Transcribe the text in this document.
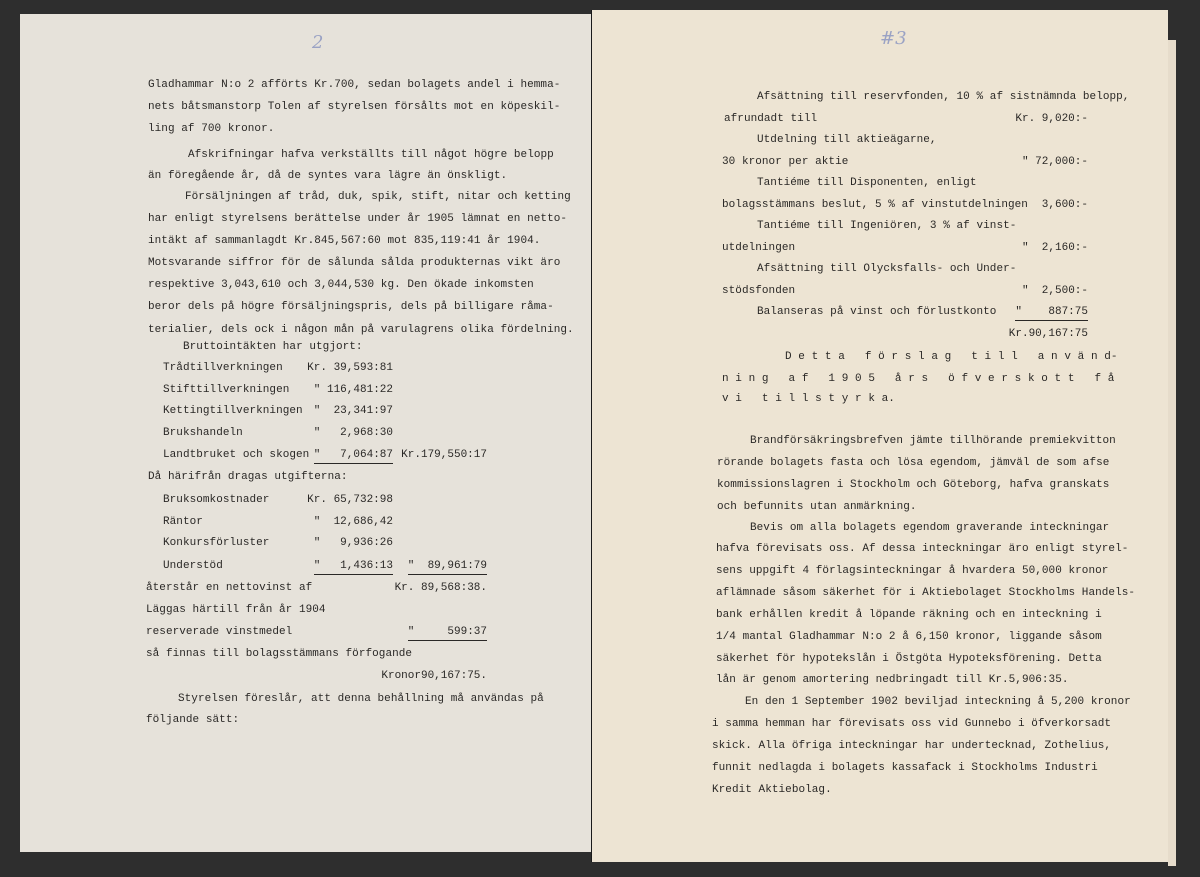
2
Gladhammar N:o 2 afförts Kr.700, sedan bolagets andel i hemma-
nets båtsmanstorp Tolen af styrelsen försålts mot en köpeskil-
ling af 700 kronor.
Afskrifningar hafva verkställts till något högre belopp
än föregående år, då de syntes vara lägre än önskligt.
Försäljningen af tråd, duk, spik, stift, nitar och ketting
har enligt styrelsens berättelse under år 1905 lämnat en netto-
intäkt af sammanlagdt Kr.845,567:60 mot 835,119:41 år 1904.
Motsvarande siffror för de sålunda sålda produkternas vikt äro
respektive 3,043,610 och 3,044,530 kg. Den ökade inkomsten
beror dels på högre försäljningspris, dels på billigare råma-
terialier, dels ock i någon mån på varulagrens olika fördelning.
Bruttointäkten har utgjort:
Trådtillverkningen Kr. 39,593:81
Stifttillverkningen " 116,481:22
Kettingtillverkningen "  23,341:97
Brukshandeln	"   2,968:30
Landtbruket och skogen "   7,064:87 Kr.179,550:17
Då härifrån dragas utgifterna:
Bruksomkostnader	Kr. 65,732:98
Räntor	"  12,686,42
Konkursförluster	"   9,936:26
Understöd	"   1,436:13 "  89,961:79
återstår en nettovinst af	Kr. 89,568:38.
Läggas härtill från år 1904
reserverade vinstmedel	"     599:37
så finnas till bolagsstämmans förfogande
Kronor90,167:75.
Styrelsen föreslår, att denna behållning må användas på
följande sätt:
#3
Afsättning till reservfonden, 10 % af sistnämnda belopp,
afrundadt till	Kr. 9,020:-
Utdelning till aktieägarne,
30 kronor per aktie	" 72,000:-
Tantiéme till Disponenten, enligt
bolagsstämmans beslut, 5 % af vinstutdelningen 3,600:-
Tantiéme till Ingeniören, 3 % af vinst-
utdelningen	"  2,160:-
Afsättning till Olycksfalls- och Under-
stödsfonden	"  2,500:-
Balanseras på vinst och förlustkonto "    887:75
Kr.90,167:75
D e t t a   f ö r s l a g   t i l l   a n v ä n d-
n i n g   a f   1 9 0 5   å r s   ö f v e r s k o t t   f å
v i   t i l l s t y r k a.
Brandförsäkringsbrefven jämte tillhörande premiekvitton
rörande bolagets fasta och lösa egendom, jämväl de som afse
kommissionslagren i Stockholm och Göteborg, hafva granskats
och befunnits utan anmärkning.
Bevis om alla bolagets egendom graverande inteckningar
hafva förevisats oss. Af dessa inteckningar äro enligt styrel-
sens uppgift 4 förlagsinteckningar å hvardera 50,000 kronor
aflämnade såsom säkerhet för i Aktiebolaget Stockholms Handels-
bank erhållen kredit å löpande räkning och en inteckning i
1/4 mantal Gladhammar N:o 2 å 6,150 kronor, liggande såsom
säkerhet för hypotekslån i Östgöta Hypoteksförening. Detta
lån är genom amortering nedbringadt till Kr.5,906:35.
En den 1 September 1902 beviljad inteckning å 5,200 kronor
i samma hemman har förevisats oss vid Gunnebo i öfverkorsadt
skick. Alla öfriga inteckningar har undertecknad, Zothelius,
funnit nedlagda i bolagets kassafack i Stockholms Industri
Kredit Aktiebolag.
